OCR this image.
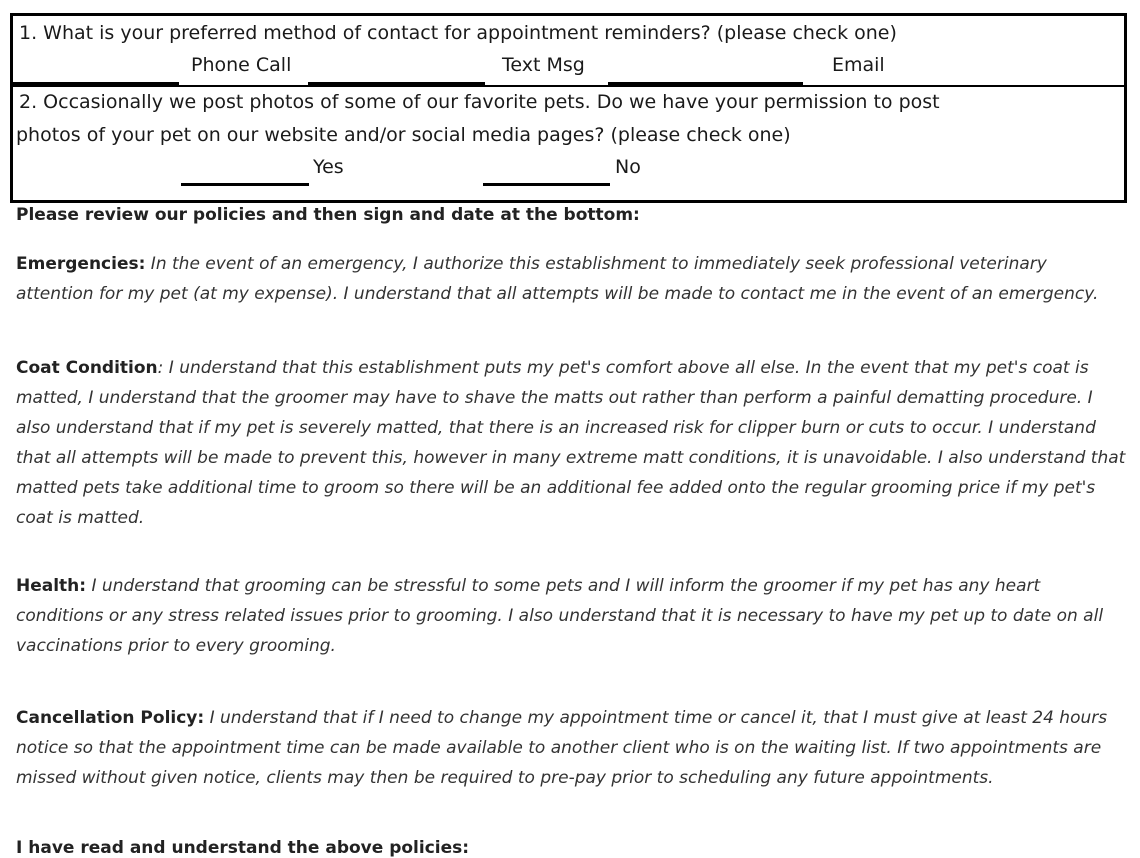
1. What is your preferred method of contact for appointment reminders? (please check one)
Phone Call	Text Msg	Email
2. Occasionally we post photos of some of our favorite pets. Do we have your permission to post
photos of your pet on our website and/or social media pages? (please check one)
Yes	No
Please review our policies and then sign and date at the bottom:
Emergencies: In the event of an emergency, I authorize this establishment to immediately seek professional veterinary attention for my pet (at my expense). I understand that all attempts will be made to contact me in the event of an emergency.
Coat Condition: I understand that this establishment puts my pet's comfort above all else. In the event that my pet's coat is matted, I understand that the groomer may have to shave the matts out rather than perform a painful dematting procedure. I also understand that if my pet is severely matted, that there is an increased risk for clipper burn or cuts to occur. I understand that all attempts will be made to prevent this, however in many extreme matt conditions, it is unavoidable. I also understand that matted pets take additional time to groom so there will be an additional fee added onto the regular grooming price if my pet's coat is matted.
Health: I understand that grooming can be stressful to some pets and I will inform the groomer if my pet has any heart conditions or any stress related issues prior to grooming. I also understand that it is necessary to have my pet up to date on all vaccinations prior to every grooming.
Cancellation Policy: I understand that if I need to change my appointment time or cancel it, that I must give at least 24 hours notice so that the appointment time can be made available to another client who is on the waiting list. If two appointments are missed without given notice, clients may then be required to pre-pay prior to scheduling any future appointments.
I have read and understand the above policies:
